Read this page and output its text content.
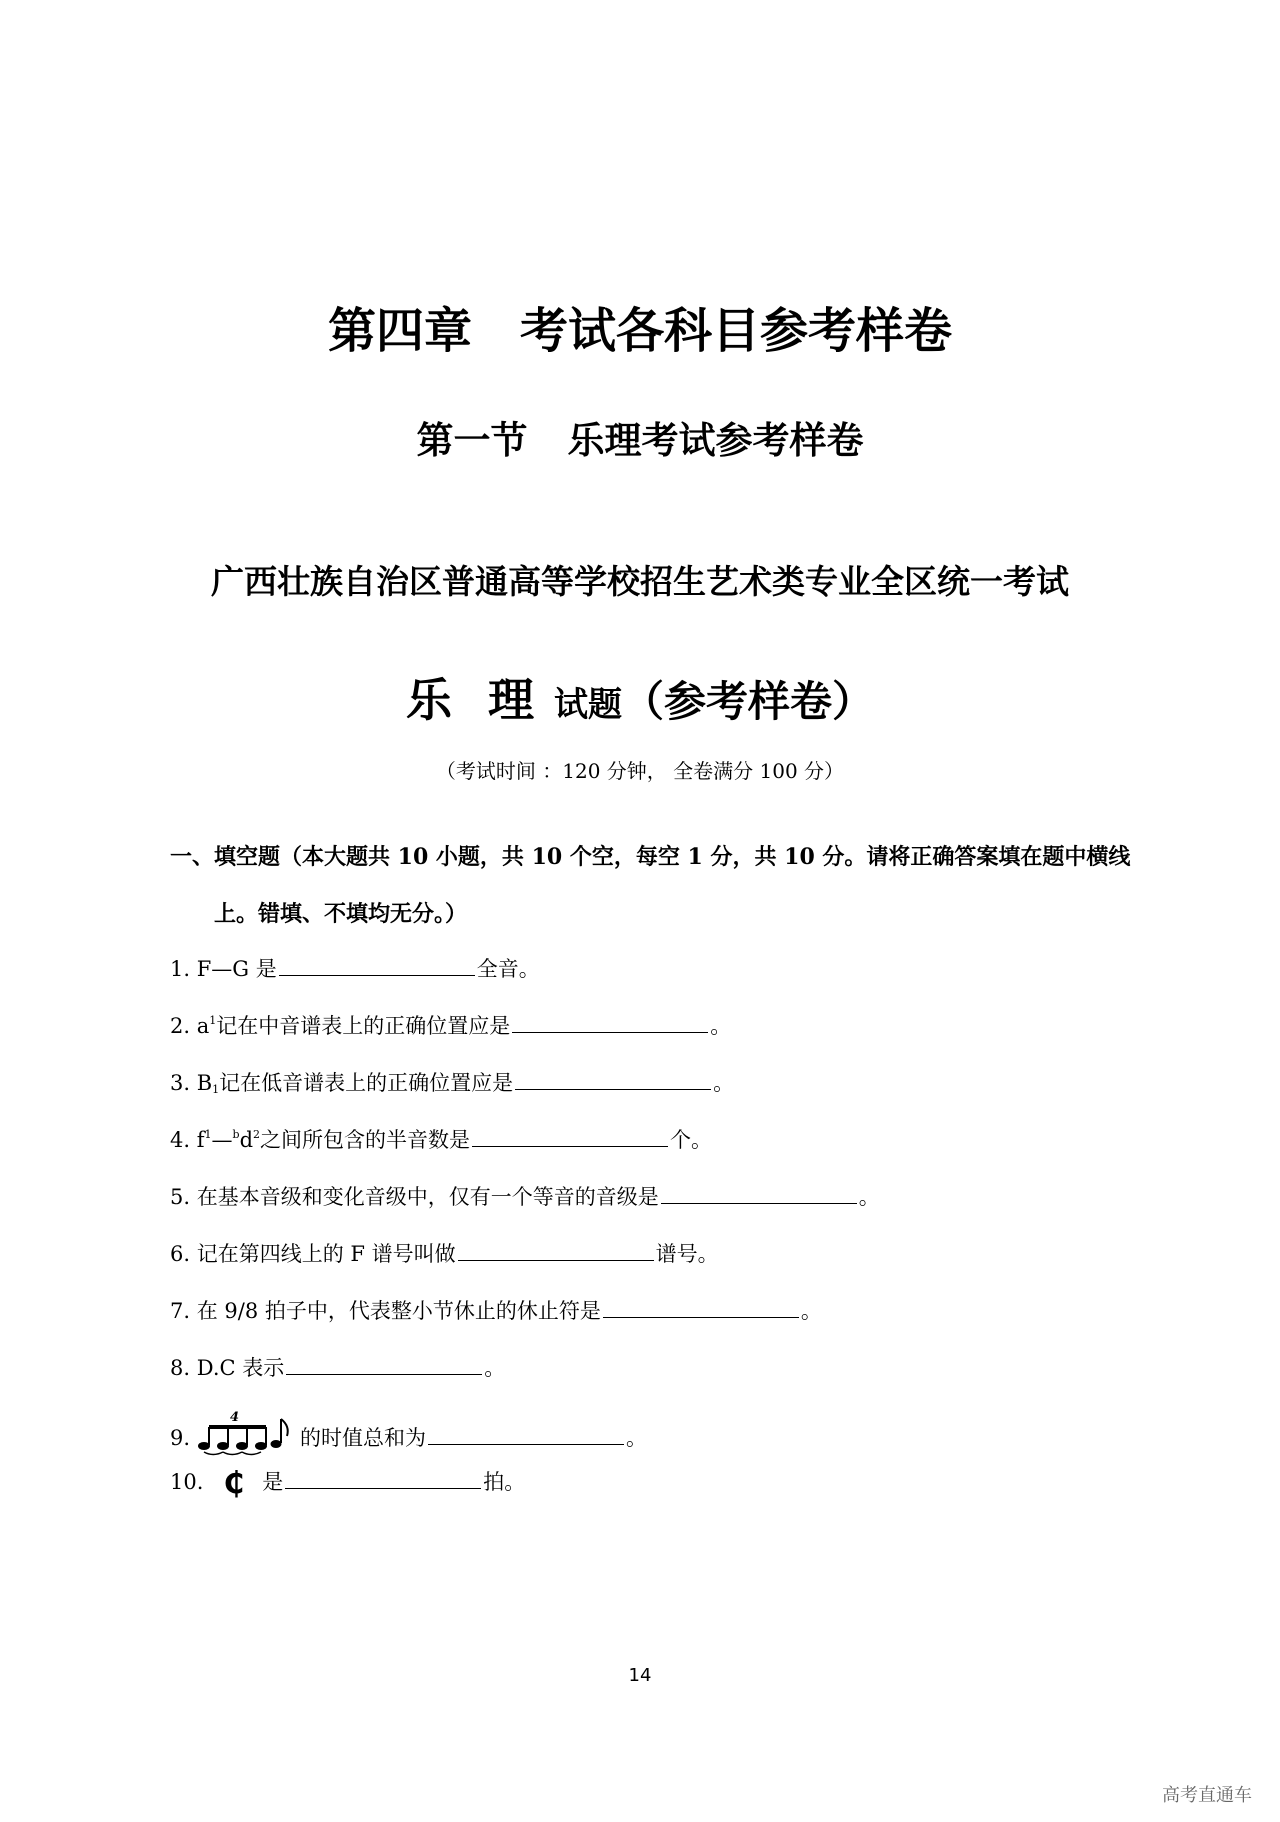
第四章 考试各科目参考样卷
第一节 乐理考试参考样卷
广西壮族自治区普通高等学校招生艺术类专业全区统一考试
乐 理 试题（参考样卷）
（考试时间 ：120 分钟， 全卷满分 100 分）
一、填空题（本大题共 10 小题，共 10 个空，每空 1 分，共 10 分。请将正确答案填在题中横线
上。错填、不填均无分。）
1. F—G 是	全音。
2. $a^1$记在中音谱表上的正确位置应是	。
3. $B_1$记在低音谱表上的正确位置应是	。
4. $f^1—^bd^2$之间所包含的半音数是	个。
5. 在基本音级和变化音级中，仅有一个等音的音级是	。
6. 记在第四线上的 F 谱号叫做	谱号。
7. 在 9/8 拍子中，代表整小节休止的休止符是	。
8. D.C 表示	。
9.
4
的时值总和为	。
10. ₵ 是	拍。
14
高考直通车
